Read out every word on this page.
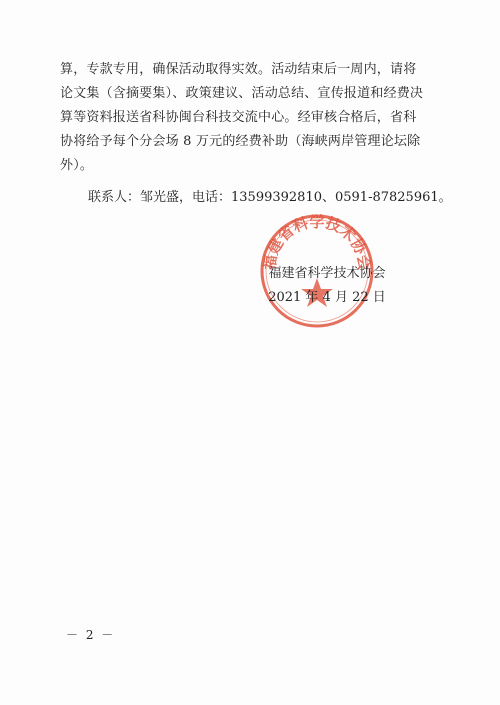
算，专款专用，确保活动取得实效。活动结束后一周内，请将
论文集（含摘要集）、政策建议、活动总结、宣传报道和经费决
算等资料报送省科协闽台科技交流中心。经审核合格后，省科
协将给予每个分会场 8 万元的经费补助（海峡两岸管理论坛除
外）。
联系人：邹光盛，电话：13599392810、0591-87825961。
福建省科学技术协会
福建省科学技术协会
2021 年 4 月 22 日
－ 2 －
